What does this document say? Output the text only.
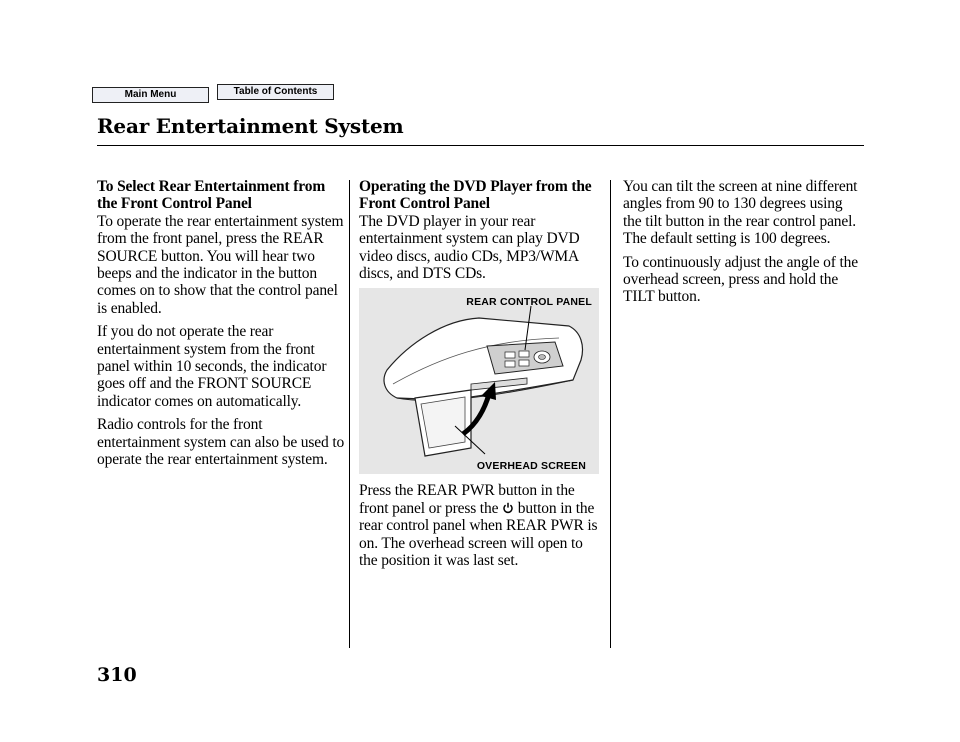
Main Menu	Table of Contents
Rear Entertainment System
To Select Rear Entertainment from the Front Control Panel

To operate the rear entertainment system from the front panel, press the REAR SOURCE button. You will hear two beeps and the indicator in the button comes on to show that the control panel is enabled.

If you do not operate the rear entertainment system from the front panel within 10 seconds, the indicator goes off and the FRONT SOURCE indicator comes on automatically.

Radio controls for the front entertainment system can also be used to operate the rear entertainment system.

Operating the DVD Player from the Front Control Panel

The DVD player in your rear entertainment system can play DVD video discs, audio CDs, MP3/WMA discs, and DTS CDs.

REAR CONTROL PANEL
OVERHEAD SCREEN

Press the REAR PWR button in the front panel or press the button in the rear control panel when REAR PWR is on. The overhead screen will open to the position it was last set.

You can tilt the screen at nine different angles from 90 to 130 degrees using the tilt button in the rear control panel. The default setting is 100 degrees.

To continuously adjust the angle of the overhead screen, press and hold the TILT button.

310
